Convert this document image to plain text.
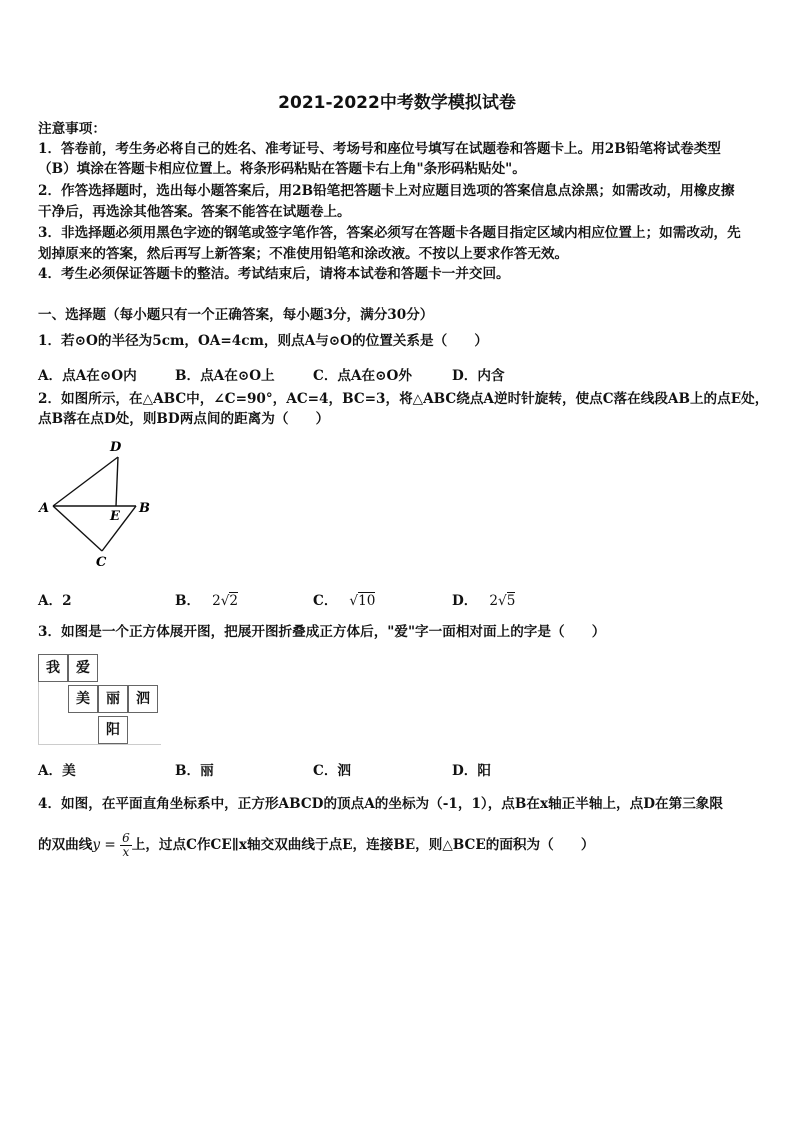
2021-2022中考数学模拟试卷
注意事项：
1．答卷前，考生务必将自己的姓名、准考证号、考场号和座位号填写在试题卷和答题卡上。用2B铅笔将试卷类型
（B）填涂在答题卡相应位置上。将条形码粘贴在答题卡右上角"条形码粘贴处"。
2．作答选择题时，选出每小题答案后，用2B铅笔把答题卡上对应题目选项的答案信息点涂黑；如需改动，用橡皮擦
干净后，再选涂其他答案。答案不能答在试题卷上。
3．非选择题必须用黑色字迹的钢笔或签字笔作答，答案必须写在答题卡各题目指定区域内相应位置上；如需改动，先
划掉原来的答案，然后再写上新答案；不准使用铅笔和涂改液。不按以上要求作答无效。
4．考生必须保证答题卡的整洁。考试结束后，请将本试卷和答题卡一并交回。
一、选择题（每小题只有一个正确答案，每小题3分，满分30分）
1．若⊙O的半径为5cm，OA=4cm，则点A与⊙O的位置关系是（　　）
A．点A在⊙O内	B．点A在⊙O上	C．点A在⊙O外	D．内含
2．如图所示，在△ABC中，∠C=90°，AC=4，BC=3，将△ABC绕点A逆时针旋转，使点C落在线段AB上的点E处，
点B落在点D处，则BD两点间的距离为（　　）
D
A
E
B
C
A．2	B． 2√2	C． √10	D． 2√5
3．如图是一个正方体展开图，把展开图折叠成正方体后，"爱"字一面相对面上的字是（　　）
我	爱
美	丽	泗
阳
A．美	B．丽	C．泗	D．阳
4．如图，在平面直角坐标系中，正方形ABCD的顶点A的坐标为（-1，1），点B在x轴正半轴上，点D在第三象限
的双曲线$y = \frac{6}{x}$ 上，过点C作CE∥x轴交双曲线于点E，连接BE，则△BCE的面积为（　　）
